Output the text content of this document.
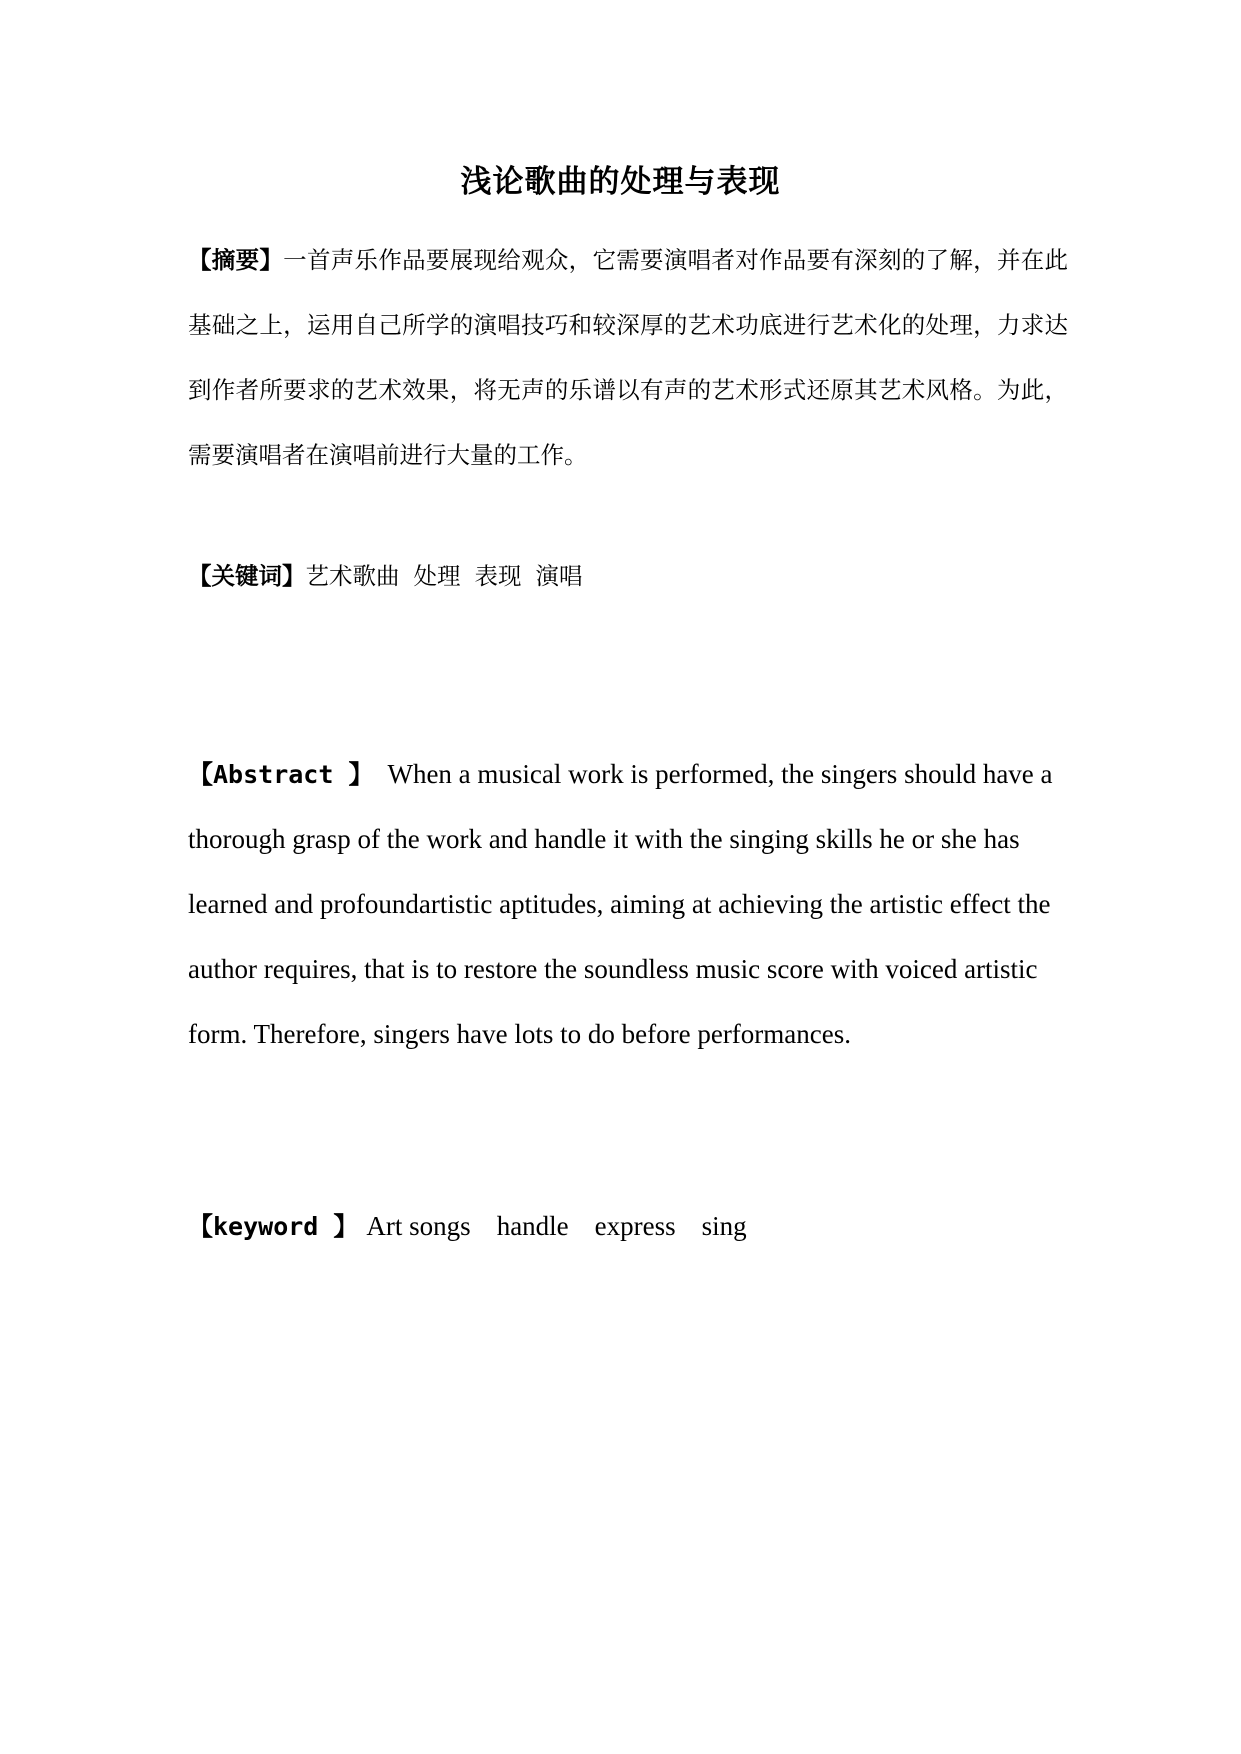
浅论歌曲的处理与表现
【摘要】一首声乐作品要展现给观众，它需要演唱者对作品要有深刻的了解，并在此基础之上，运用自己所学的演唱技巧和较深厚的艺术功底进行艺术化的处理，力求达到作者所要求的艺术效果，将无声的乐谱以有声的艺术形式还原其艺术风格。为此，需要演唱者在演唱前进行大量的工作。
【关键词】艺术歌曲 处理 表现 演唱
【Abstract 】 When a musical work is performed, the singers should have a thorough grasp of the work and handle it with the singing skills he or she has learned and profoundartistic aptitudes, aiming at achieving the artistic effect the author requires, that is to restore the soundless music score with voiced artistic form. Therefore, singers have lots to do before performances.
【keyword 】 Art songs handle express sing
